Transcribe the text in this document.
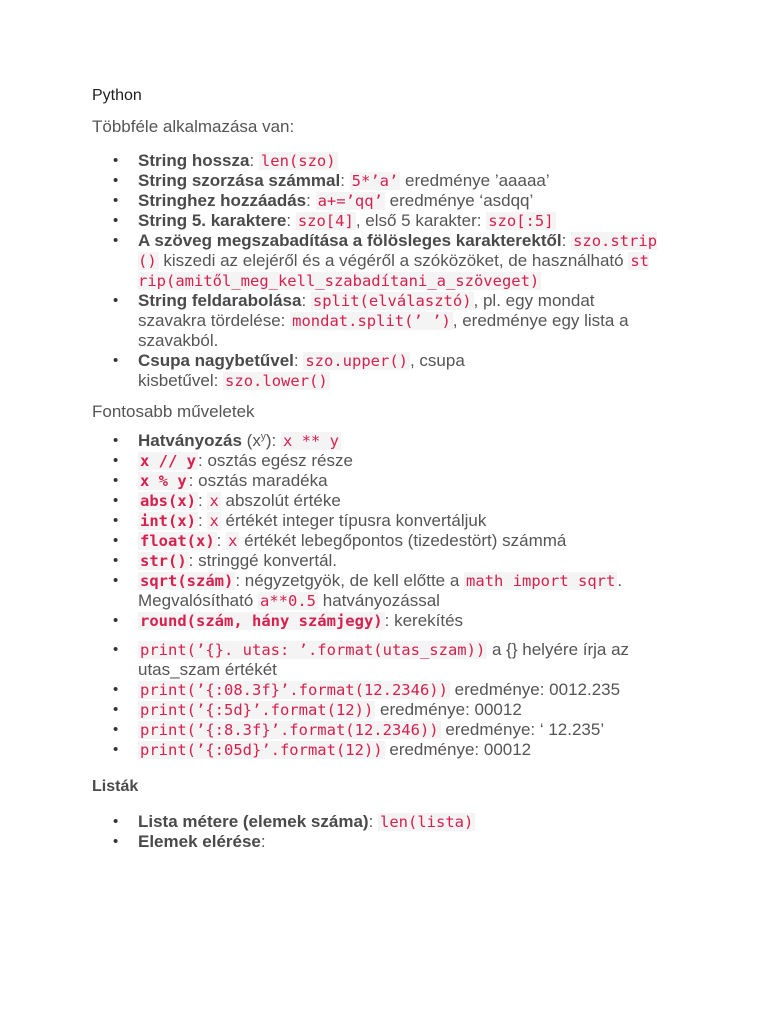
Python
Többféle alkalmazása van:
• String hossza: len(szo)
• String szorzása számmal: 5*’a’ eredménye ’aaaaa’
• Stringhez hozzáadás: a+=’qq’ eredménye ‘asdqq’
• String 5. karaktere: szo[4] , első 5 karakter: szo[:5]
• A szöveg megszabadítása a fölösleges karakterektől: szo.strip() kiszedi az elejéről és a végéről a szóközöket, de használható strip(amitől_meg_kell_szabadítani_a_szöveget)
• String feldarabolása: split(elválasztó) , pl. egy mondat szavakra tördelése: mondat.split(’ ’) , eredménye egy lista a szavakból.
• Csupa nagybetűvel: szo.upper() , csupa kisbetűvel: szo.lower()
Fontosabb műveletek
• Hatványozás $(x^y)$: x ** y
• x // y : osztás egész része
• x % y : osztás maradéka
• abs(x) : x abszolút értéke
• int(x) : x értékét integer típusra konvertáljuk
• float(x) : x értékét lebegőpontos (tizedestört) számmá
• str() : stringgé konvertál.
• sqrt(szám) : négyzetgyök, de kell előtte a math import sqrt . Megvalósítható a**0.5 hatványozással
• round(szám, hány számjegy) : kerekítés
• print(’{}. utas: ’.format(utas_szam)) a {} helyére írja az utas_szam értékét
• print(’{:08.3f}’.format(12.2346)) eredménye: 0012.235
• print(’{:5d}’.format(12)) eredménye: 00012
• print(’{:8.3f}’.format(12.2346)) eredménye: ‘ 12.235’
• print(’{:05d}’.format(12)) eredménye: 00012
Listák
• Lista métere (elemek száma): len(lista)
• Elemek elérése:
